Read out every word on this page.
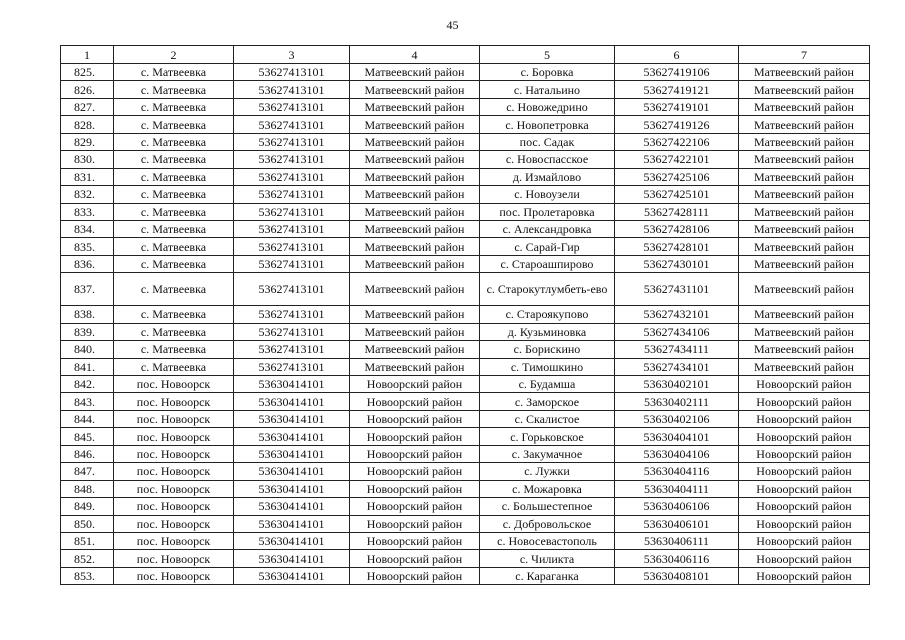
45
1	2	3	4	5	6	7
825.	с. Матвеевка	53627413101	Матвеевский район	с. Боровка	53627419106	Матвеевский район
826.	с. Матвеевка	53627413101	Матвеевский район	с. Натальино	53627419121	Матвеевский район
827.	с. Матвеевка	53627413101	Матвеевский район	с. Новожедрино	53627419101	Матвеевский район
828.	с. Матвеевка	53627413101	Матвеевский район	с. Новопетровка	53627419126	Матвеевский район
829.	с. Матвеевка	53627413101	Матвеевский район	пос. Садак	53627422106	Матвеевский район
830.	с. Матвеевка	53627413101	Матвеевский район	с. Новоспасское	53627422101	Матвеевский район
831.	с. Матвеевка	53627413101	Матвеевский район	д. Измайлово	53627425106	Матвеевский район
832.	с. Матвеевка	53627413101	Матвеевский район	с. Новоузели	53627425101	Матвеевский район
833.	с. Матвеевка	53627413101	Матвеевский район	пос. Пролетаровка	53627428111	Матвеевский район
834.	с. Матвеевка	53627413101	Матвеевский район	с. Александровка	53627428106	Матвеевский район
835.	с. Матвеевка	53627413101	Матвеевский район	с. Сарай-Гир	53627428101	Матвеевский район
836.	с. Матвеевка	53627413101	Матвеевский район	с. Староашпирово	53627430101	Матвеевский район
837.	с. Матвеевка	53627413101	Матвеевский район	с. Старокутлумбеть-ево	53627431101	Матвеевский район
838.	с. Матвеевка	53627413101	Матвеевский район	с. Староякупово	53627432101	Матвеевский район
839.	с. Матвеевка	53627413101	Матвеевский район	д. Кузьминовка	53627434106	Матвеевский район
840.	с. Матвеевка	53627413101	Матвеевский район	с. Борискино	53627434111	Матвеевский район
841.	с. Матвеевка	53627413101	Матвеевский район	с. Тимошкино	53627434101	Матвеевский район
842.	пос. Новоорск	53630414101	Новоорский район	с. Будамша	53630402101	Новоорский район
843.	пос. Новоорск	53630414101	Новоорский район	с. Заморское	53630402111	Новоорский район
844.	пос. Новоорск	53630414101	Новоорский район	с. Скалистое	53630402106	Новоорский район
845.	пос. Новоорск	53630414101	Новоорский район	с. Горьковское	53630404101	Новоорский район
846.	пос. Новоорск	53630414101	Новоорский район	с. Закумачное	53630404106	Новоорский район
847.	пос. Новоорск	53630414101	Новоорский район	с. Лужки	53630404116	Новоорский район
848.	пос. Новоорск	53630414101	Новоорский район	с. Можаровка	53630404111	Новоорский район
849.	пос. Новоорск	53630414101	Новоорский район	с. Большестепное	53630406106	Новоорский район
850.	пос. Новоорск	53630414101	Новоорский район	с. Добровольское	53630406101	Новоорский район
851.	пос. Новоорск	53630414101	Новоорский район	с. Новосевастополь	53630406111	Новоорский район
852.	пос. Новоорск	53630414101	Новоорский район	с. Чиликта	53630406116	Новоорский район
853.	пос. Новоорск	53630414101	Новоорский район	с. Караганка	53630408101	Новоорский район
